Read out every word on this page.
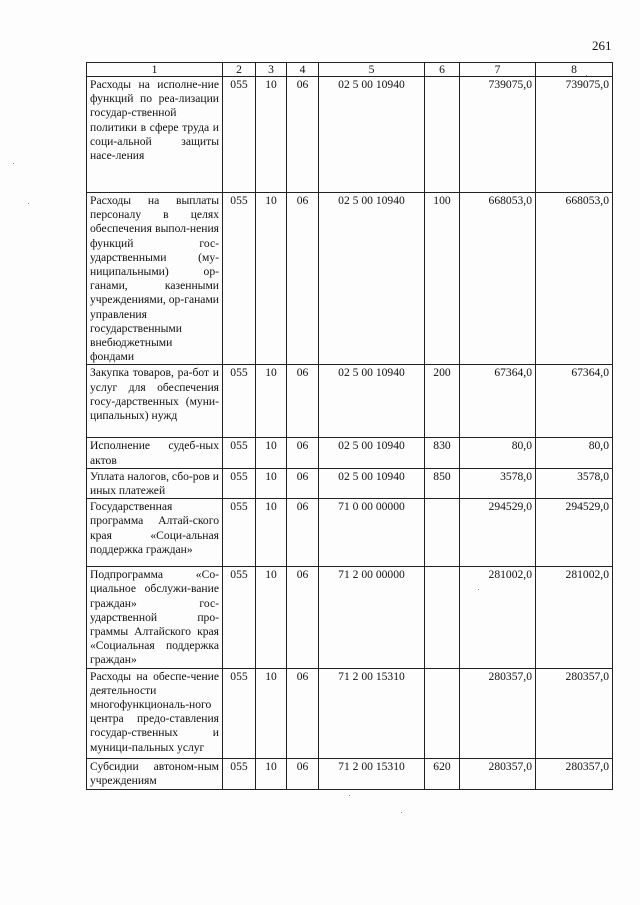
261
1	2	3	4	5	6	7	8
Расходы на исполне-ние функций по реа-лизации государ-ственной политики в сфере труда и соци-альной защиты насе-ления	055	10	06	02 5 00 10940		739075,0	739075,0
Расходы на выплаты персоналу в целях обеспечения выпол-нения функций гос-ударственными (му-ниципальными) ор-ганами, казенными учреждениями, ор-ганами управления государственными внебюджетными фондами	055	10	06	02 5 00 10940	100	668053,0	668053,0
Закупка товаров, ра-бот и услуг для обеспечения госу-дарственных (муни-ципальных) нужд	055	10	06	02 5 00 10940	200	67364,0	67364,0
Исполнение судеб-ных актов	055	10	06	02 5 00 10940	830	80,0	80,0
Уплата налогов, сбо-ров и иных платежей	055	10	06	02 5 00 10940	850	3578,0	3578,0
Государственная программа Алтай-ского края «Соци-альная поддержка граждан»	055	10	06	71 0 00 00000		294529,0	294529,0
Подпрограмма «Со-циальное обслужи-вание граждан» гос-ударственной про-граммы Алтайского края «Социальная поддержка граждан»	055	10	06	71 2 00 00000		281002,0	281002,0
Расходы на обеспе-чение деятельности многофункциональ-ного центра предо-ставления государ-ственных и муници-пальных услуг	055	10	06	71 2 00 15310		280357,0	280357,0
Субсидии автоном-ным учреждениям	055	10	06	71 2 00 15310	620	280357,0	280357,0
